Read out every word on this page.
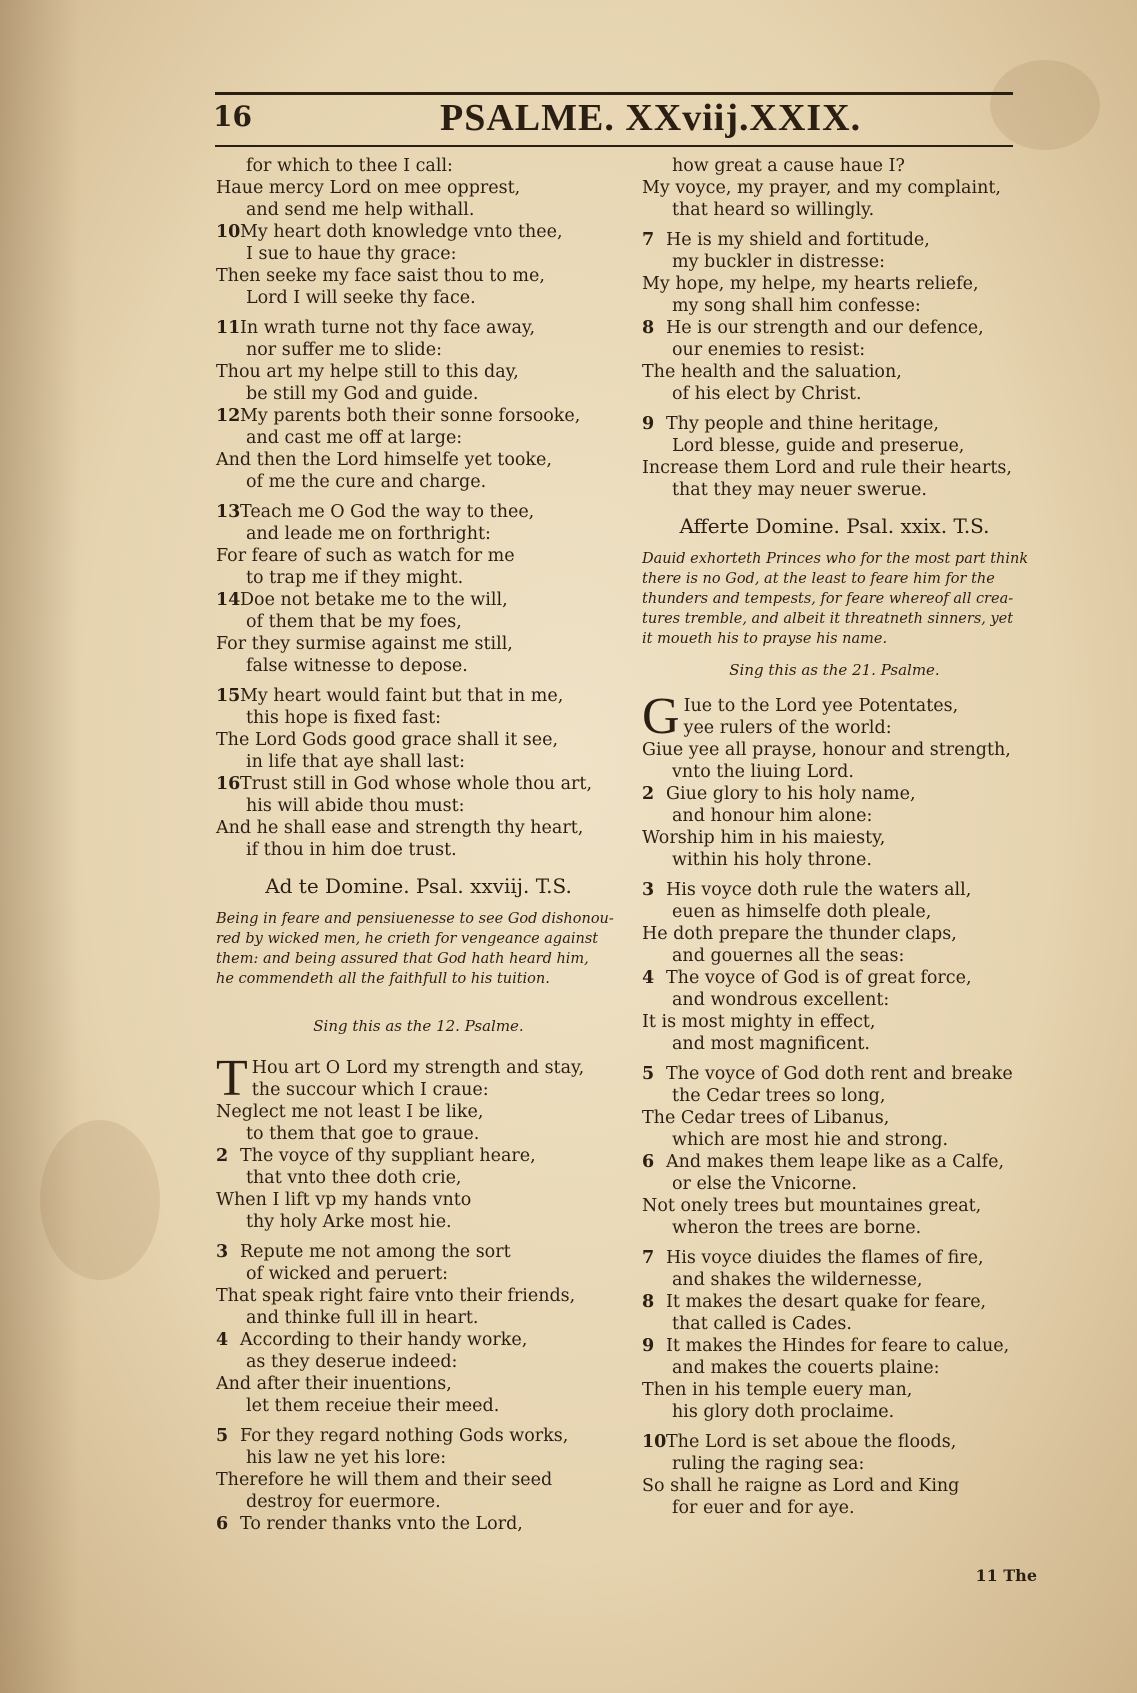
16	PSALME. XXviij.XXIX.
for which to thee I call:
Haue mercy Lord on mee opprest,
and send me help withall.
10My heart doth knowledge vnto thee,
I sue to haue thy grace:
Then seeke my face saist thou to me,
Lord I will seeke thy face.
11In wrath turne not thy face away,
nor suffer me to slide:
Thou art my helpe still to this day,
be still my God and guide.
12My parents both their sonne forsooke,
and cast me off at large:
And then the Lord himselfe yet tooke,
of me the cure and charge.
13Teach me O God the way to thee,
and leade me on forthright:
For feare of such as watch for me
to trap me if they might.
14Doe not betake me to the will,
of them that be my foes,
For they surmise against me still,
false witnesse to depose.
15My heart would faint but that in me,
this hope is fixed fast:
The Lord Gods good grace shall it see,
in life that aye shall last:
16Trust still in God whose whole thou art,
his will abide thou must:
And he shall ease and strength thy heart,
if thou in him doe trust.
Ad te Domine. Psal. xxviij. T.S.
Being in feare and pensiuenesse to see God dishonou-
red by wicked men, he crieth for vengeance against
them: and being assured that God hath heard him,
he commendeth all the faithfull to his tuition.
Sing this as the 12. Psalme.
T Hou art O Lord my strength and stay,
the succour which I craue:
Neglect me not least I be like,
to them that goe to graue.
2 The voyce of thy suppliant heare,
that vnto thee doth crie,
When I lift vp my hands vnto
thy holy Arke most hie.
3 Repute me not among the sort
of wicked and peruert:
That speak right faire vnto their friends,
and thinke full ill in heart.
4 According to their handy worke,
as they deserue indeed:
And after their inuentions,
let them receiue their meed.
5 For they regard nothing Gods works,
his law ne yet his lore:
Therefore he will them and their seed
destroy for euermore.
6 To render thanks vnto the Lord,
how great a cause haue I?
My voyce, my prayer, and my complaint,
that heard so willingly.
7 He is my shield and fortitude,
my buckler in distresse:
My hope, my helpe, my hearts reliefe,
my song shall him confesse:
8 He is our strength and our defence,
our enemies to resist:
The health and the saluation,
of his elect by Christ.
9 Thy people and thine heritage,
Lord blesse, guide and preserue,
Increase them Lord and rule their hearts,
that they may neuer swerue.
Afferte Domine. Psal. xxix. T.S.
Dauid exhorteth Princes who for the most part think
there is no God, at the least to feare him for the
thunders and tempests, for feare whereof all crea-
tures tremble, and albeit it threatneth sinners, yet
it moueth his to prayse his name.
Sing this as the 21. Psalme.
G Iue to the Lord yee Potentates,
yee rulers of the world:
Giue yee all prayse, honour and strength,
vnto the liuing Lord.
2 Giue glory to his holy name,
and honour him alone:
Worship him in his maiesty,
within his holy throne.
3 His voyce doth rule the waters all,
euen as himselfe doth pleale,
He doth prepare the thunder claps,
and gouernes all the seas:
4 The voyce of God is of great force,
and wondrous excellent:
It is most mighty in effect,
and most magnificent.
5 The voyce of God doth rent and breake
the Cedar trees so long,
The Cedar trees of Libanus,
which are most hie and strong.
6 And makes them leape like as a Calfe,
or else the Vnicorne.
Not onely trees but mountaines great,
wheron the trees are borne.
7 His voyce diuides the flames of fire,
and shakes the wildernesse,
8 It makes the desart quake for feare,
that called is Cades.
9 It makes the Hindes for feare to calue,
and makes the couerts plaine:
Then in his temple euery man,
his glory doth proclaime.
10The Lord is set aboue the floods,
ruling the raging sea:
So shall he raigne as Lord and King
for euer and for aye.
11 The
